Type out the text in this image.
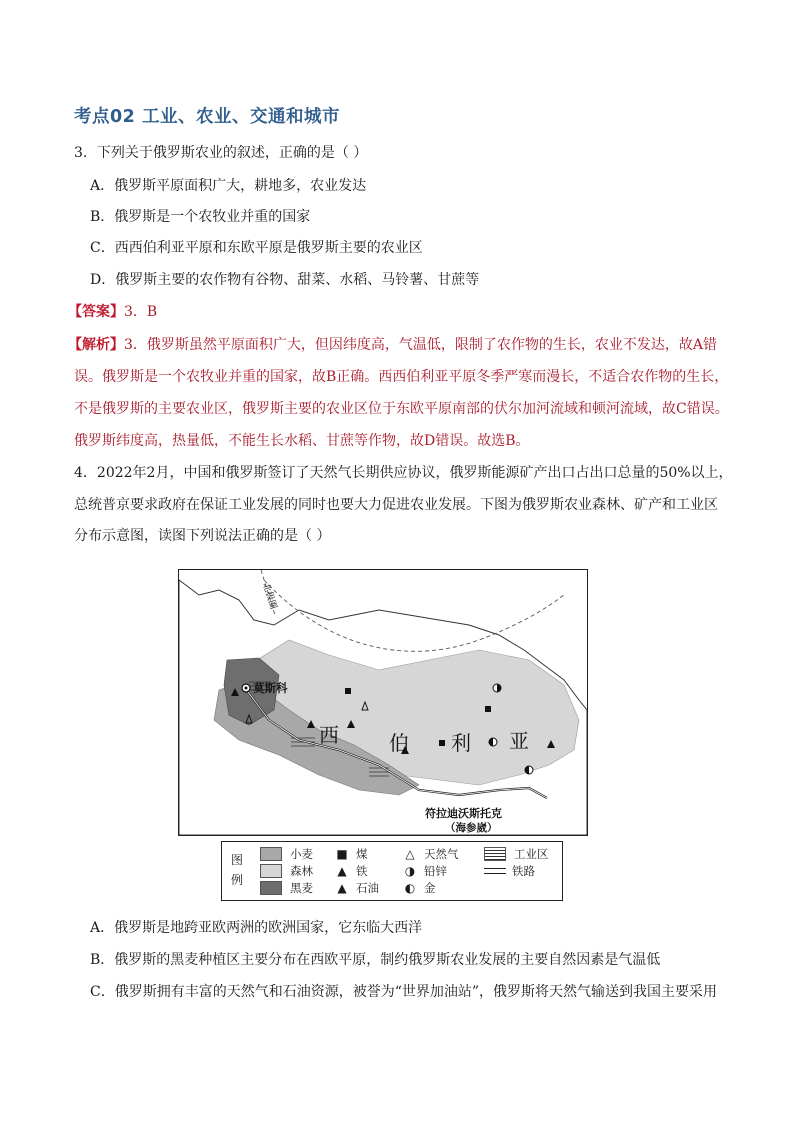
考点02 工业、农业、交通和城市
3．下列关于俄罗斯农业的叙述，正确的是（ ）
A．俄罗斯平原面积广大，耕地多，农业发达
B．俄罗斯是一个农牧业并重的国家
C．西西伯利亚平原和东欧平原是俄罗斯主要的农业区
D．俄罗斯主要的农作物有谷物、甜菜、水稻、马铃薯、甘蔗等
【答案】3．B
【解析】3．俄罗斯虽然平原面积广大，但因纬度高，气温低，限制了农作物的生长，农业不发达，故A错
误。俄罗斯是一个农牧业并重的国家，故B正确。西西伯利亚平原冬季严寒而漫长，不适合农作物的生长，
不是俄罗斯的主要农业区，俄罗斯主要的农业区位于东欧平原南部的伏尔加河流域和顿河流域，故C错误。
俄罗斯纬度高，热量低，不能生长水稻、甘蔗等作物，故D错误。故选B。
4．2022年2月，中国和俄罗斯签订了天然气长期供应协议，俄罗斯能源矿产出口占出口总量的50%以上，
总统普京要求政府在保证工业发展的同时也要大力促进农业发展。下图为俄罗斯农业森林、矿产和工业区
分布示意图，读图下列说法正确的是（ ）
北极圈
莫斯科
西	伯 利 亚
符拉迪沃斯托克
（海参崴）
图例
小麦
森林
黑麦
■ 煤
▲ 铁
▲ 石油
△ 天然气
◑ 铅锌
◐ 金
工业区
铁路
A．俄罗斯是地跨亚欧两洲的欧洲国家，它东临大西洋
B．俄罗斯的黑麦种植区主要分布在西欧平原，制约俄罗斯农业发展的主要自然因素是气温低
C．俄罗斯拥有丰富的天然气和石油资源，被誉为“世界加油站”，俄罗斯将天然气输送到我国主要采用
